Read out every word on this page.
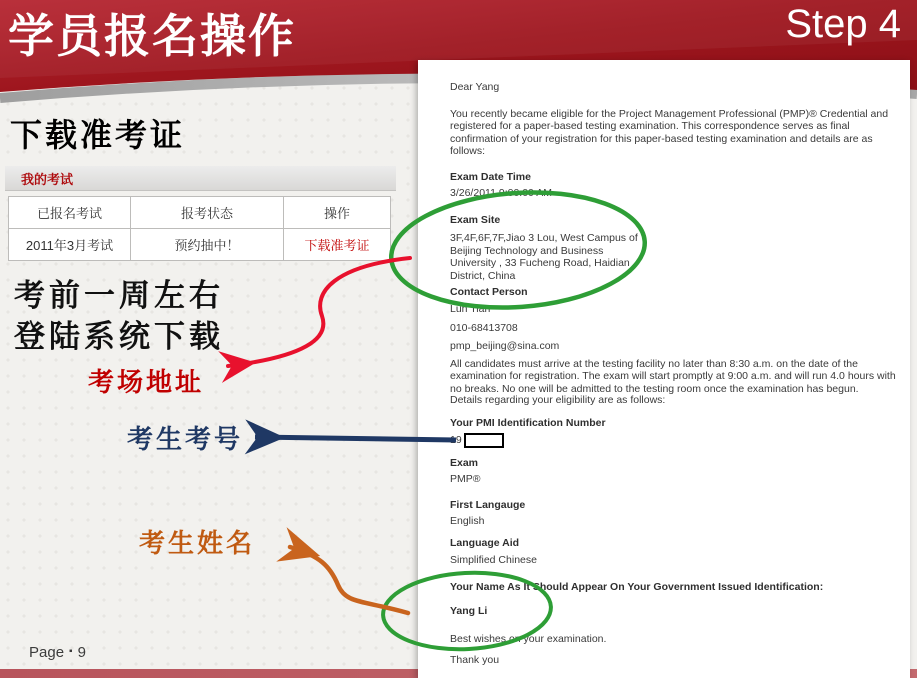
学员报名操作	Step 4
下载准考证
我的考试
已报名考试	报考状态	操作
2011年3月考试	预约抽中！	下载准考证
考前一周左右
登陆系统下载
考场地址
考生考号
考生姓名
Page ▪ 9
Dear Yang
You recently became eligible for the Project Management Professional (PMP)® Credential and registered for a paper-based testing examination. This correspondence serves as final confirmation of your registration for this paper-based testing examination and details are as follows:
Exam Date Time
3/26/2011 9:00:00 AM
Exam Site
3F,4F,6F,7F,Jiao 3 Lou, West Campus of Beijing Technology and Business University , 33 Fucheng Road, Haidian District, China
Contact Person
Lun Tian
010-68413708
pmp_beijing@sina.com
All candidates must arrive at the testing facility no later than 8:30 a.m. on the date of the examination for registration. The exam will start promptly at 9:00 a.m. and will run 4.0 hours with no breaks. No one will be admitted to the testing room once the examination has begun.
Details regarding your eligibility are as follows:
Your PMI Identification Number
19
Exam
PMP®
First Langauge
English
Language Aid
Simplified Chinese
Your Name As It Should Appear On Your Government Issued Identification:
Yang Li
Best wishes on your examination.
Thank you
